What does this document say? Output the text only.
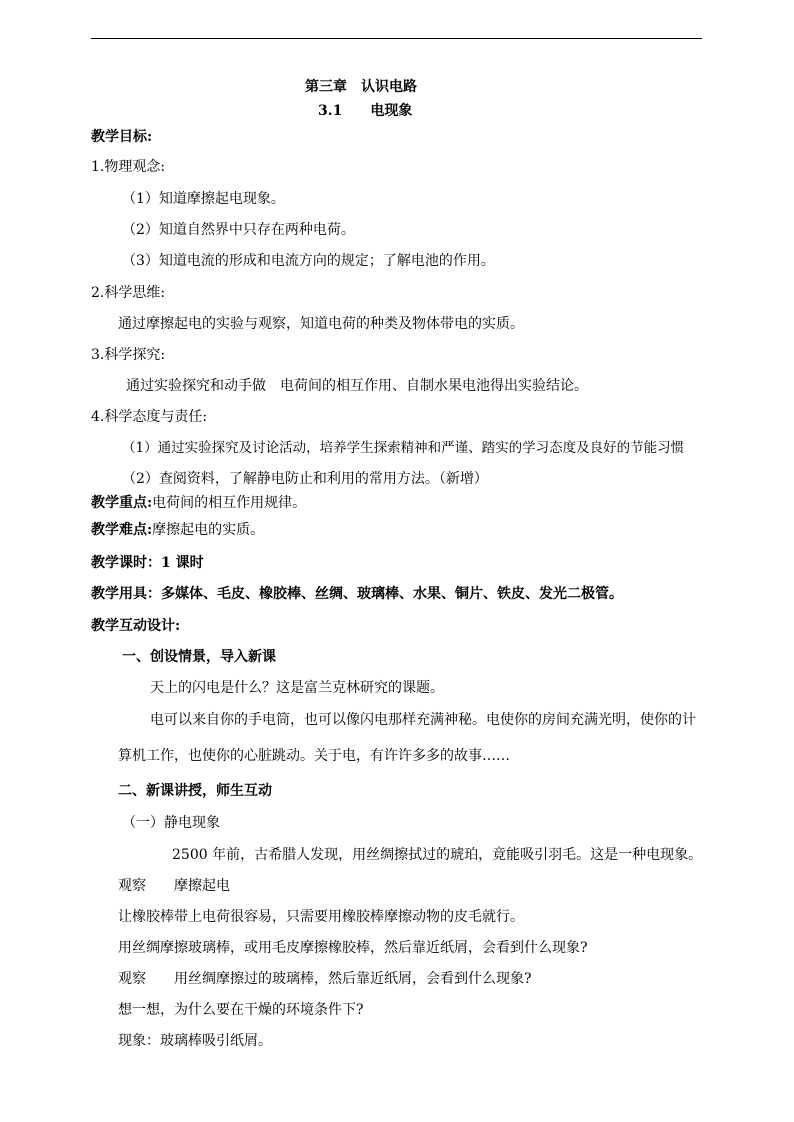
第三章　认识电路
3.1　　电现象
教学目标:
1.物理观念:
（1）知道摩擦起电现象。
（2）知道自然界中只存在两种电荷。
（3）知道电流的形成和电流方向的规定；了解电池的作用。
2.科学思维:
通过摩擦起电的实验与观察，知道电荷的种类及物体带电的实质。
3.科学探究:
通过实验探究和动手做　电荷间的相互作用、自制水果电池得出实验结论。
4.科学态度与责任:
（1）通过实验探究及讨论活动，培养学生探索精神和严谨、踏实的学习态度及良好的节能习惯
（2）查阅资料，了解静电防止和利用的常用方法。（新增）
教学重点:电荷间的相互作用规律。
教学难点:摩擦起电的实质。
教学课时：1 课时
教学用具：多媒体、毛皮、橡胶棒、丝绸、玻璃棒、水果、铜片、铁皮、发光二极管。
教学互动设计:
一、创设情景，导入新课
天上的闪电是什么？这是富兰克林研究的课题。
电可以来自你的手电筒，也可以像闪电那样充满神秘。电使你的房间充满光明，使你的计
算机工作，也使你的心脏跳动。关于电，有许许多多的故事……
二、新课讲授，师生互动
（一）静电现象
2500 年前，古希腊人发现，用丝绸擦拭过的琥珀，竟能吸引羽毛。这是一种电现象。
观察　　摩擦起电
让橡胶棒带上电荷很容易，只需要用橡胶棒摩擦动物的皮毛就行。
用丝绸摩擦玻璃棒，或用毛皮摩擦橡胶棒，然后靠近纸屑，会看到什么现象?
观察　　用丝绸摩擦过的玻璃棒，然后靠近纸屑，会看到什么现象?
想一想，为什么要在干燥的环境条件下?
现象：玻璃棒吸引纸屑。
